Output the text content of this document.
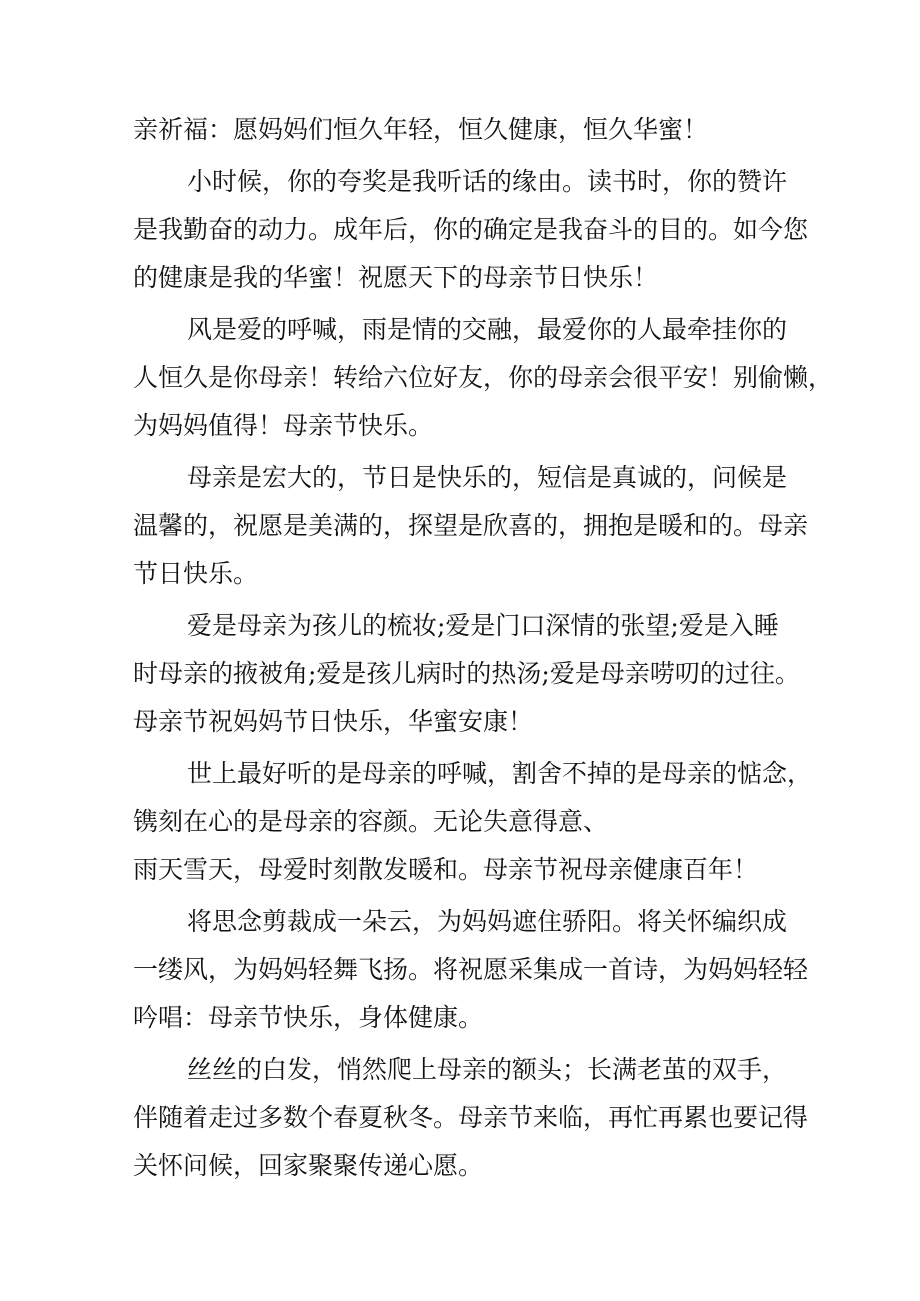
亲祈福：愿妈妈们恒久年轻，恒久健康，恒久华蜜！
小时候，你的夸奖是我听话的缘由。读书时，你的赞许
是我勤奋的动力。成年后，你的确定是我奋斗的目的。如今您
的健康是我的华蜜！祝愿天下的母亲节日快乐！
风是爱的呼喊，雨是情的交融，最爱你的人最牵挂你的
人恒久是你母亲！转给六位好友，你的母亲会很平安！别偷懒，
为妈妈值得！母亲节快乐。
母亲是宏大的，节日是快乐的，短信是真诚的，问候是
温馨的，祝愿是美满的，探望是欣喜的，拥抱是暖和的。母亲
节日快乐。
爱是母亲为孩儿的梳妆;爱是门口深情的张望;爱是入睡
时母亲的掖被角;爱是孩儿病时的热汤;爱是母亲唠叨的过往。
母亲节祝妈妈节日快乐，华蜜安康！
世上最好听的是母亲的呼喊，割舍不掉的是母亲的惦念，
镌刻在心的是母亲的容颜。无论失意得意、
雨天雪天，母爱时刻散发暖和。母亲节祝母亲健康百年！
将思念剪裁成一朵云，为妈妈遮住骄阳。将关怀编织成
一缕风，为妈妈轻舞飞扬。将祝愿采集成一首诗，为妈妈轻轻
吟唱：母亲节快乐，身体健康。
丝丝的白发，悄然爬上母亲的额头；长满老茧的双手，
伴随着走过多数个春夏秋冬。母亲节来临，再忙再累也要记得
关怀问候，回家聚聚传递心愿。
